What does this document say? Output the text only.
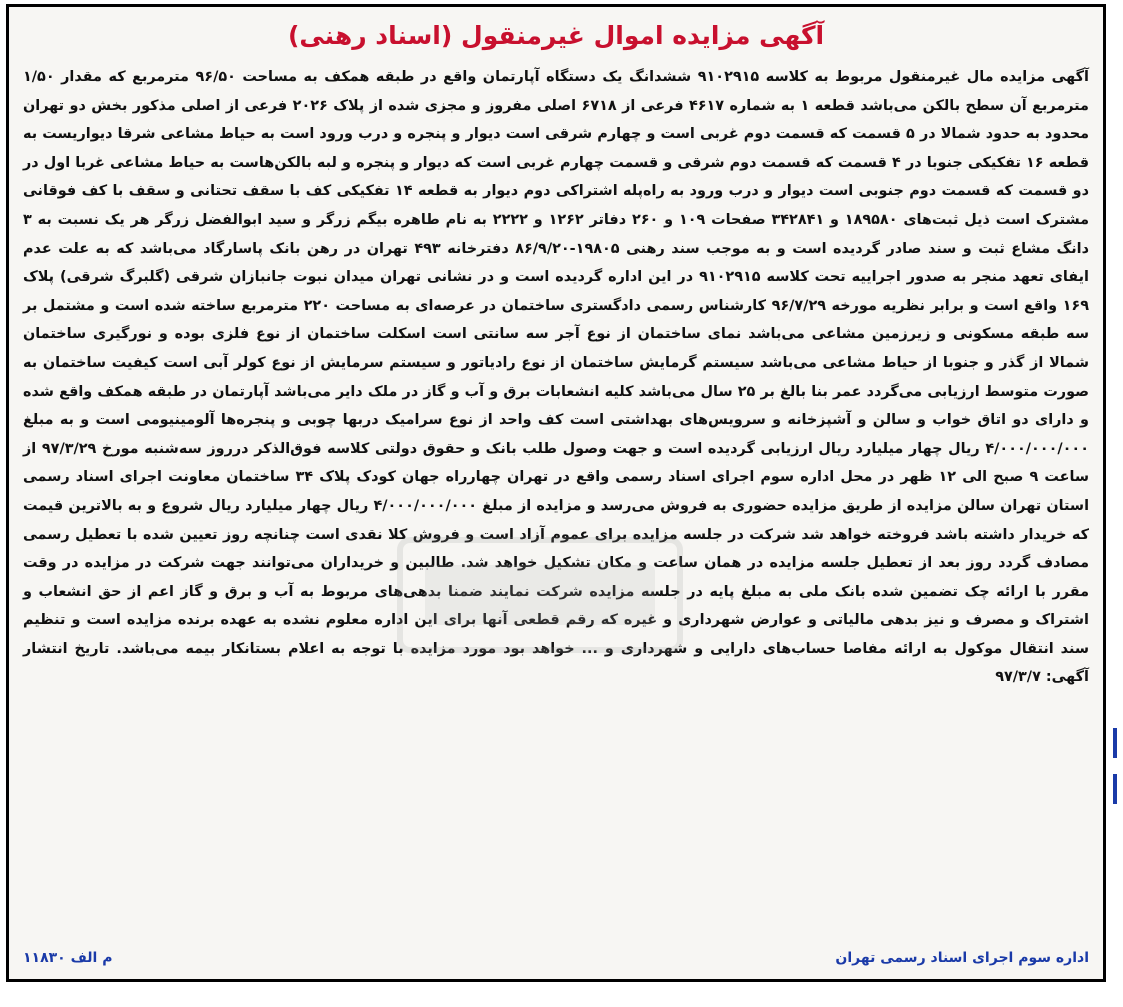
آگهی مزایده اموال غیرمنقول (اسناد رهنی)
آگهی مزایده مال غیرمنقول مربوط به کلاسه ۹۱۰۲۹۱۵ ششدانگ یک دستگاه آپارتمان واقع در طبقه همکف به مساحت ۹۶/۵۰ مترمربع که مقدار ۱/۵۰ مترمربع آن سطح بالکن می‌باشد قطعه ۱ به شماره ۴۶۱۷ فرعی از ۶۷۱۸ اصلی مفروز و مجزی شده از پلاک ۲۰۲۶ فرعی از اصلی مذکور بخش دو تهران محدود به حدود شمالا در ۵ قسمت که قسمت دوم غربی است و چهارم شرقی است دیوار و پنجره و درب ورود است به حیاط مشاعی شرقا دیواریست به قطعه ۱۶ تفکیکی جنوبا در ۴ قسمت که قسمت دوم شرقی و قسمت چهارم غربی است که دیوار و پنجره و لبه بالکن‌هاست به حیاط مشاعی غربا اول در دو قسمت که قسمت دوم جنوبی است دیوار و درب ورود به راه‌پله اشتراکی دوم دیوار به قطعه ۱۴ تفکیکی کف با سقف تحتانی و سقف با کف فوقانی مشترک است ذیل ثبت‌های ۱۸۹۵۸۰ و ۳۴۲۸۴۱ صفحات ۱۰۹ و ۲۶۰ دفاتر ۱۲۶۲ و ۲۲۲۲ به نام طاهره بیگم زرگر و سید ابوالفضل زرگر هر یک نسبت به ۳ دانگ مشاع ثبت و سند صادر گردیده است و به موجب سند رهنی ۱۹۸۰۵-۸۶/۹/۲۰ دفترخانه ۴۹۳ تهران در رهن بانک پاسارگاد می‌باشد که به علت عدم ایفای تعهد منجر به صدور اجراییه تحت کلاسه ۹۱۰۲۹۱۵ در این اداره گردیده است و در نشانی تهران میدان نبوت جانبازان شرقی (گلبرگ شرقی) پلاک ۱۶۹ واقع است و برابر نظریه مورخه ۹۶/۷/۲۹ کارشناس رسمی دادگستری ساختمان در عرصه‌ای به مساحت ۲۲۰ مترمربع ساخته شده است و مشتمل بر سه طبقه مسکونی و زیرزمین مشاعی می‌باشد نمای ساختمان از نوع آجر سه سانتی است اسکلت ساختمان از نوع فلزی بوده و نورگیری ساختمان شمالا از گذر و جنوبا از حیاط مشاعی می‌باشد سیستم گرمایش ساختمان از نوع رادیاتور و سیستم سرمایش از نوع کولر آبی است کیفیت ساختمان به صورت متوسط ارزیابی می‌گردد عمر بنا بالغ بر ۲۵ سال می‌باشد کلیه انشعابات برق و آب و گاز در ملک دایر می‌باشد آپارتمان در طبقه همکف واقع شده و دارای دو اتاق خواب و سالن و آشپزخانه و سرویس‌های بهداشتی است کف واحد از نوع سرامیک دربها چوبی و پنجره‌ها آلومینیومی است و به مبلغ ۴/۰۰۰/۰۰۰/۰۰۰ ریال چهار میلیارد ریال ارزیابی گردیده است و جهت وصول طلب بانک و حقوق دولتی کلاسه فوق‌الذکر درروز سه‌شنبه مورخ ۹۷/۳/۲۹ از ساعت ۹ صبح الی ۱۲ ظهر در محل اداره سوم اجرای اسناد رسمی واقع در تهران چهارراه جهان کودک پلاک ۳۴ ساختمان معاونت اجرای اسناد رسمی استان تهران سالن مزایده از طریق مزایده حضوری به فروش می‌رسد و مزایده از مبلغ ۴/۰۰۰/۰۰۰/۰۰۰ ریال چهار میلیارد ریال شروع و به بالاترین قیمت که خریدار داشته باشد فروخته خواهد شد شرکت در جلسه مزایده برای عموم آزاد است و فروش کلا نقدی است چنانچه روز تعیین شده با تعطیل رسمی مصادف گردد روز بعد از تعطیل جلسه مزایده در همان ساعت و مکان تشکیل خواهد شد. طالبین و خریداران می‌توانند جهت شرکت در مزایده در وقت مقرر با ارائه چک تضمین شده بانک ملی به مبلغ پایه در جلسه مزایده شرکت نمایند ضمنا بدهی‌های مربوط به آب و برق و گاز اعم از حق انشعاب و اشتراک و مصرف و نیز بدهی مالیاتی و عوارض شهرداری و غیره که رقم قطعی آنها برای این اداره معلوم نشده به عهده برنده مزایده است و تنظیم سند انتقال موکول به ارائه مفاصا حساب‌های دارایی و شهرداری و ... خواهد بود مورد مزایده با توجه به اعلام بستانکار بیمه می‌باشد. تاریخ انتشار آگهی: ۹۷/۳/۷
اداره سوم اجرای اسناد رسمی تهران
م الف ۱۱۸۳۰
